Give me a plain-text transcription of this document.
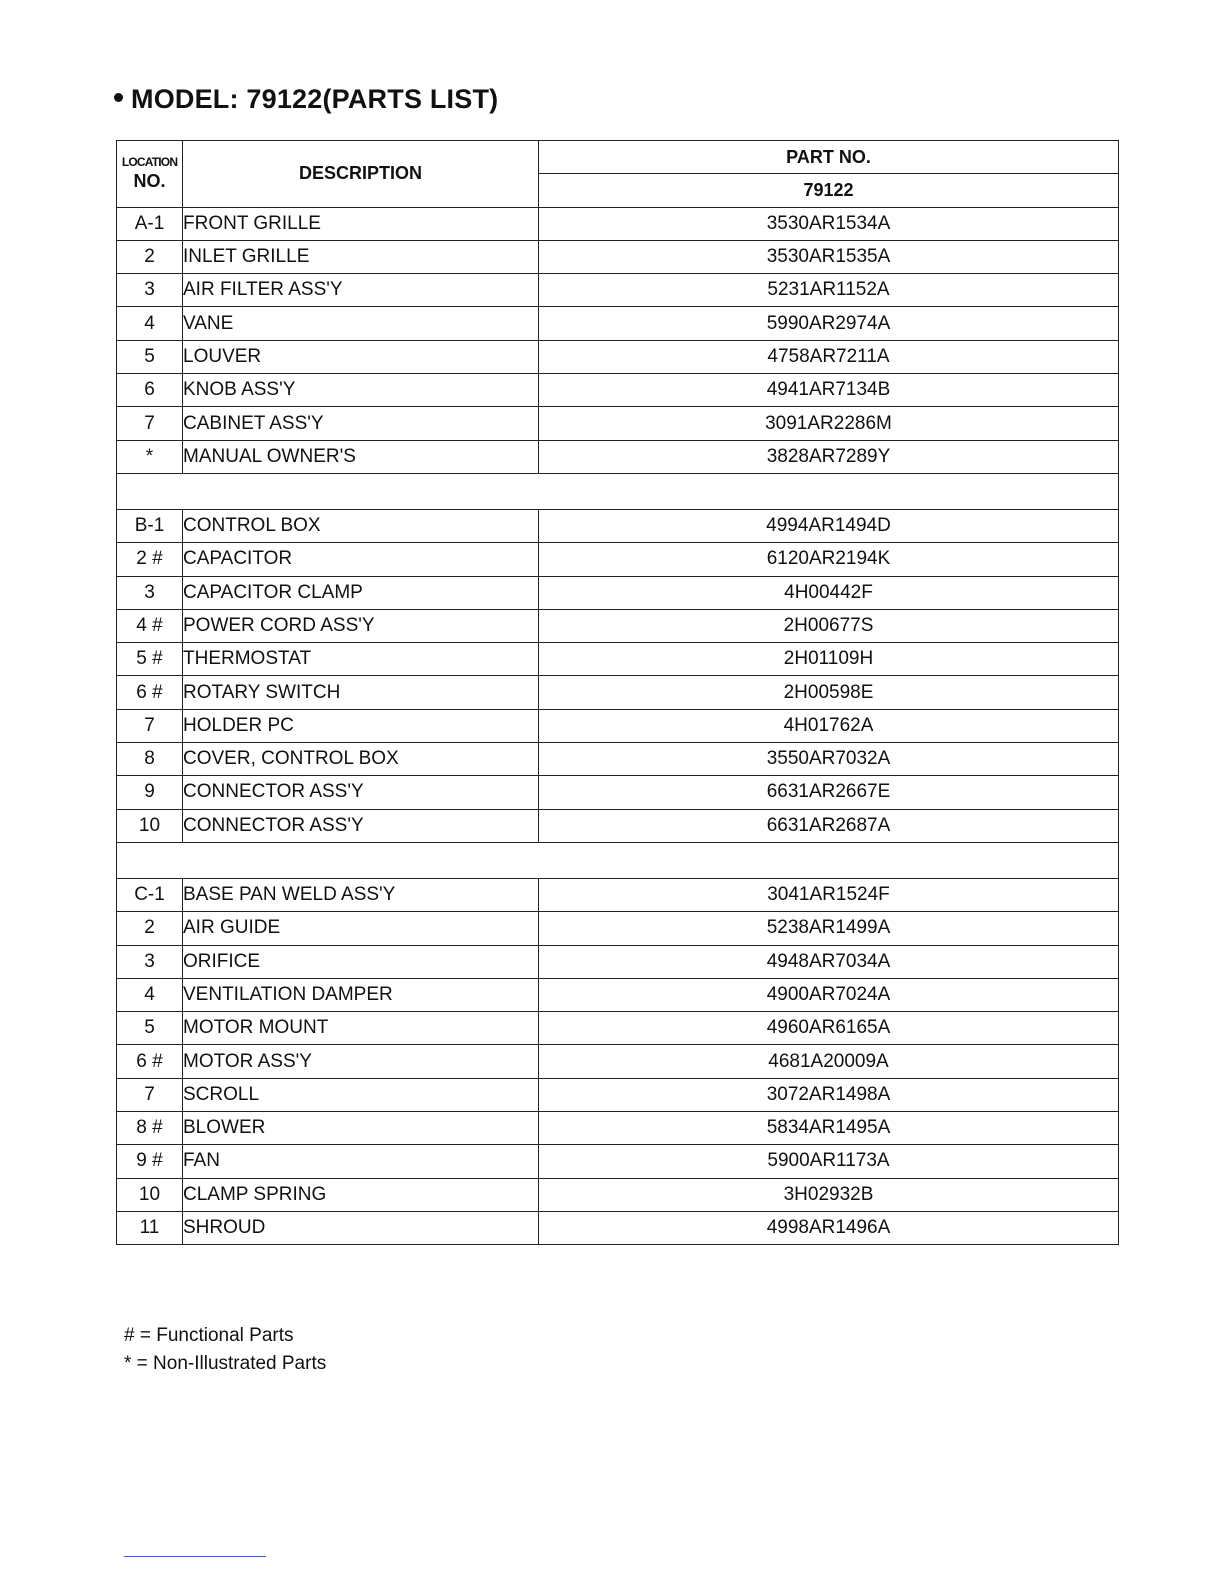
MODEL: 79122(PARTS LIST)
LOCATION
NO.	DESCRIPTION	PART NO.
		79122
A-1	FRONT GRILLE	3530AR1534A
2	INLET GRILLE	3530AR1535A
3	AIR FILTER ASS'Y	5231AR1152A
4	VANE	5990AR2974A
5	LOUVER	4758AR7211A
6	KNOB ASS'Y	4941AR7134B
7	CABINET ASS'Y	3091AR2286M
*	MANUAL OWNER'S	3828AR7289Y

B-1	CONTROL BOX	4994AR1494D
2 #	CAPACITOR	6120AR2194K
3	CAPACITOR CLAMP	4H00442F
4 #	POWER CORD ASS'Y	2H00677S
5 #	THERMOSTAT	2H01109H
6 #	ROTARY SWITCH	2H00598E
7	HOLDER PC	4H01762A
8	COVER, CONTROL BOX	3550AR7032A
9	CONNECTOR ASS'Y	6631AR2667E
10	CONNECTOR ASS'Y	6631AR2687A

C-1	BASE PAN WELD ASS'Y	3041AR1524F
2	AIR GUIDE	5238AR1499A
3	ORIFICE	4948AR7034A
4	VENTILATION DAMPER	4900AR7024A
5	MOTOR MOUNT	4960AR6165A
6 #	MOTOR ASS'Y	4681A20009A
7	SCROLL	3072AR1498A
8 #	BLOWER	5834AR1495A
9 #	FAN	5900AR1173A
10	CLAMP SPRING	3H02932B
11	SHROUD	4998AR1496A
# = Functional Parts
* = Non-Illustrated Parts
